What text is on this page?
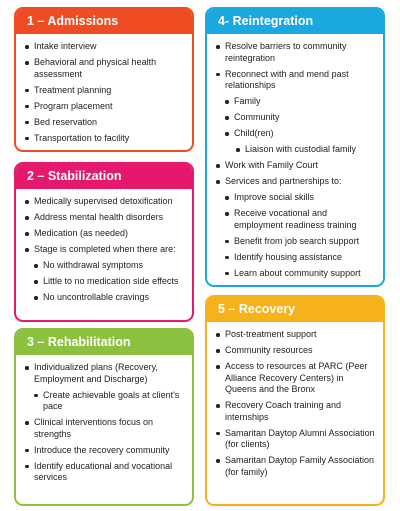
1 – Admissions
Intake interview
Behavioral and physical health assessment
Treatment planning
Program placement
Bed reservation
Transportation to facility
2 – Stabilization
Medically supervised detoxification
Address mental health disorders
Medication (as needed)
Stage is completed when there are:
No withdrawal symptoms
Little to no medication side effects
No uncontrollable cravings
3 – Rehabilitation
Individualized plans (Recovery, Employment and Discharge)
Create achievable goals at client's pace
Clinical interventions focus on strengths
Introduce the recovery community
Identify educational and vocational services
4- Reintegration
Resolve barriers to community reintegration
Reconnect with and mend past relationships
Family
Community
Child(ren)
Liaison with custodial family
Work with Family Court
Services and partnerships to:
Improve social skills
Receive vocational and employment readiness training
Benefit from job search support
Identify housing assistance
Learn about community support
5 – Recovery
Post-treatment support
Community resources
Access to resources at PARC (Peer Alliance Recovery Centers) in Queens and the Bronx
Recovery Coach training and internships
Samaritan Daytop Alumni Association (for clients)
Samaritan Daytop Family Association (for family)
